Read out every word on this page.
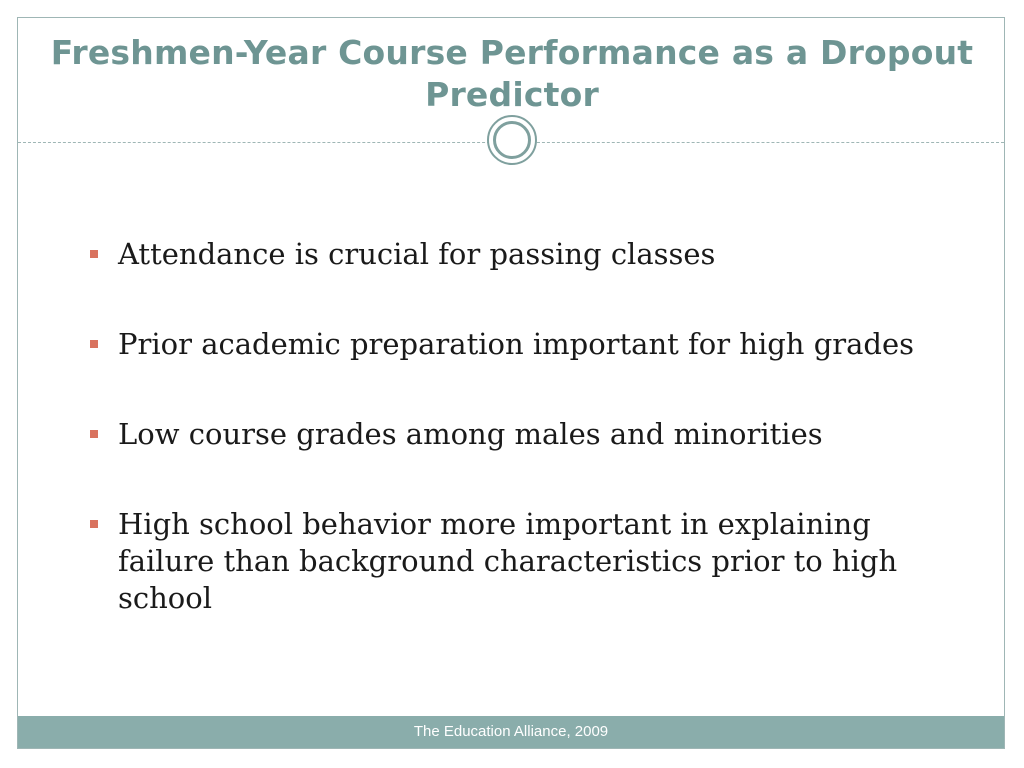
Freshmen-Year Course Performance as a Dropout Predictor
Attendance is crucial for passing classes
Prior academic preparation important for high grades
Low course grades among males and minorities
High school behavior more important in explaining failure than background characteristics prior to high school
The Education Alliance, 2009
